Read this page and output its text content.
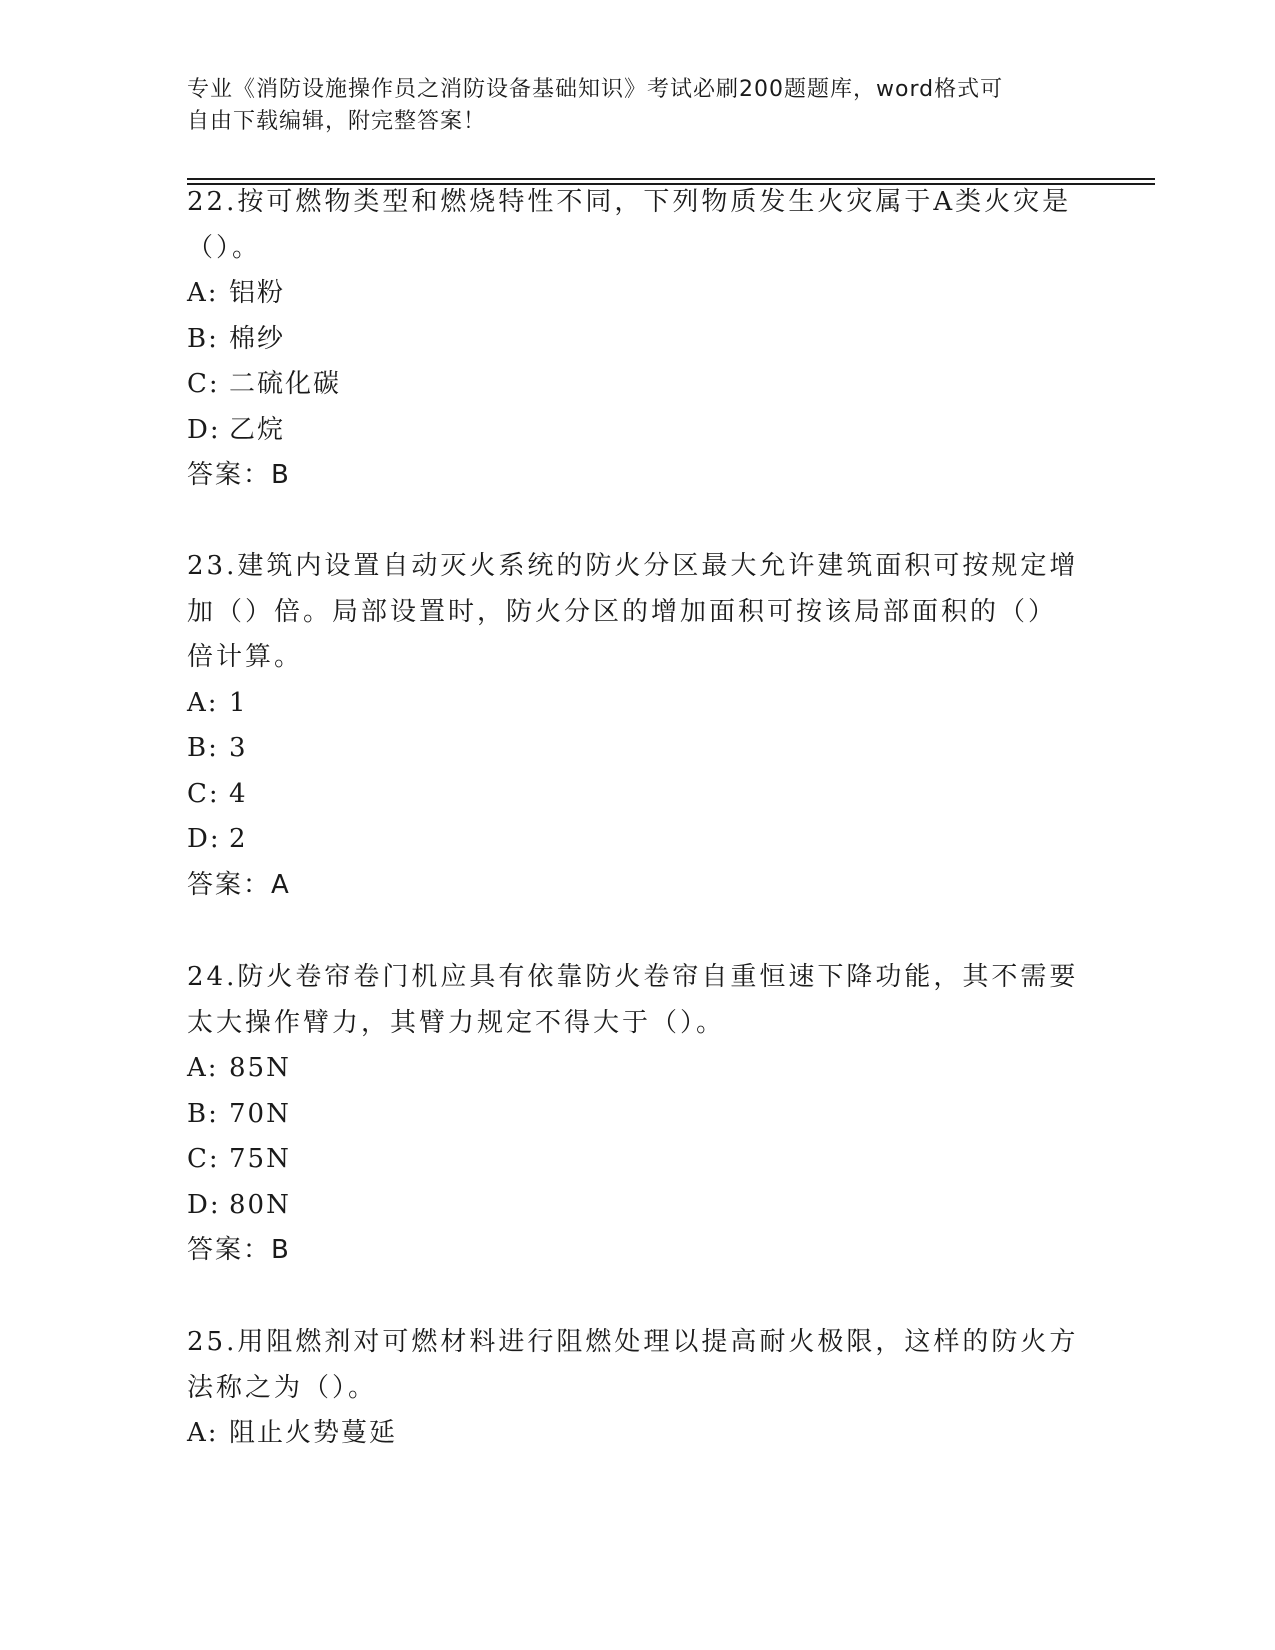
专业《消防设施操作员之消防设备基础知识》考试必刷200题题库，word格式可

自由下载编辑，附完整答案！

22.按可燃物类型和燃烧特性不同，下列物质发生火灾属于A类火灾是

（）。

A: 铝粉

B: 棉纱

C: 二硫化碳

D: 乙烷

答案：B

23.建筑内设置自动灭火系统的防火分区最大允许建筑面积可按规定增

加（）倍。局部设置时，防火分区的增加面积可按该局部面积的（）

倍计算。

A: 1

B: 3

C: 4

D: 2

答案：A

24.防火卷帘卷门机应具有依靠防火卷帘自重恒速下降功能，其不需要

太大操作臂力，其臂力规定不得大于（）。

A: 85N

B: 70N

C: 75N

D: 80N

答案：B

25.用阻燃剂对可燃材料进行阻燃处理以提高耐火极限，这样的防火方

法称之为（）。

A: 阻止火势蔓延
